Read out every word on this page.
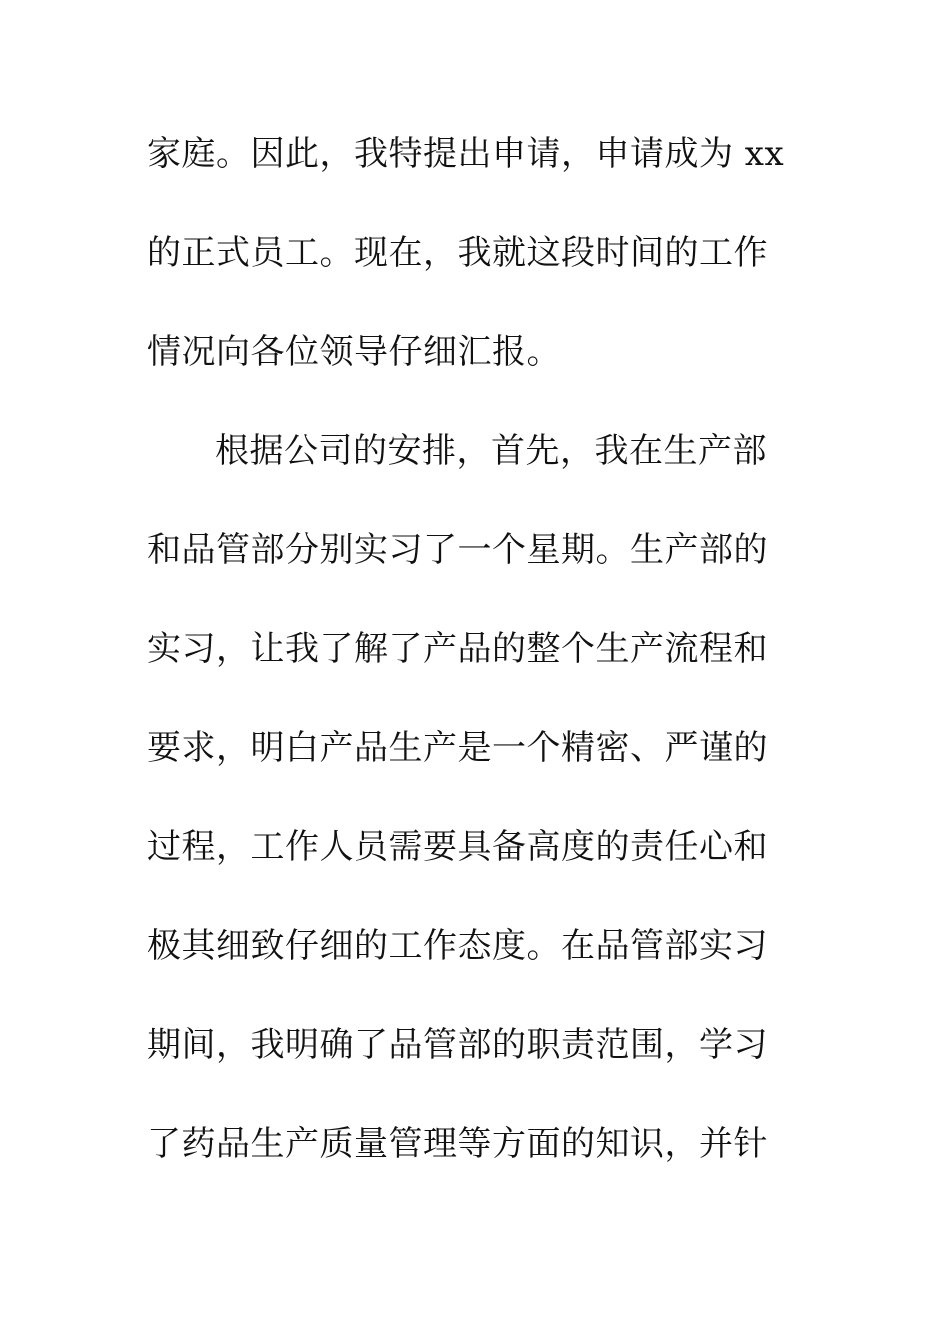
家庭。因此，我特提出申请，申请成为 xx
的正式员工。现在，我就这段时间的工作
情况向各位领导仔细汇报。
根据公司的安排，首先，我在生产部
和品管部分别实习了一个星期。生产部的
实习，让我了解了产品的整个生产流程和
要求，明白产品生产是一个精密、严谨的
过程，工作人员需要具备高度的责任心和
极其细致仔细的工作态度。在品管部实习
期间，我明确了品管部的职责范围，学习
了药品生产质量管理等方面的知识，并针
